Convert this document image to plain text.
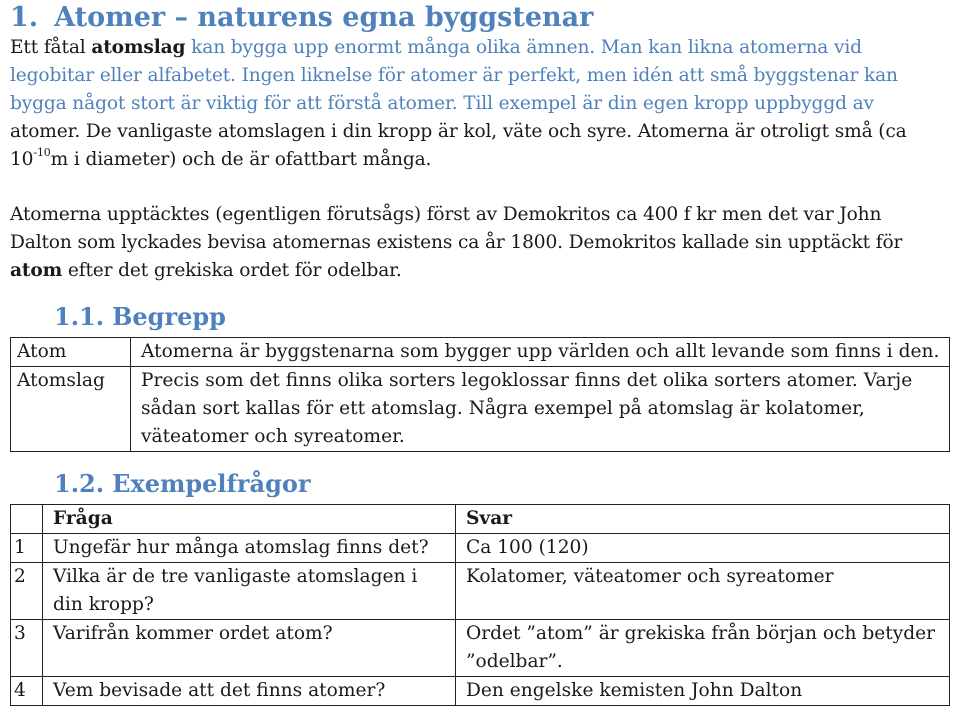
1. Atomer – naturens egna byggstenar
Ett fåtal atomslag kan bygga upp enormt många olika ämnen. Man kan likna atomerna vid
legobitar eller alfabetet. Ingen liknelse för atomer är perfekt, men idén att små byggstenar kan
bygga något stort är viktig för att förstå atomer. Till exempel är din egen kropp uppbyggd av
atomer. De vanligaste atomslagen i din kropp är kol, väte och syre. Atomerna är otroligt små (ca
$10^{-10}m$ i diameter) och de är ofattbart många.
Atomerna upptäcktes (egentligen förutsågs) först av Demokritos ca 400 f kr men det var John
Dalton som lyckades bevisa atomernas existens ca år 1800. Demokritos kallade sin upptäckt för
atom efter det grekiska ordet för odelbar.
1.1. Begrepp
Atom	Atomerna är byggstenarna som bygger upp världen och allt levande som finns i den.

Atomslag	Precis som det finns olika sorters legoklossar finns det olika sorters atomer. Varje
sådan sort kallas för ett atomslag. Några exempel på atomslag är kolatomer,
väteatomer och syreatomer.
1.2. Exempelfrågor
	Fråga	Svar
1	Ungefär hur många atomslag finns det?	Ca 100 (120)

2	Vilka är de tre vanligaste atomslagen i
din kropp?	Kolatomer, väteatomer och syreatomer

3	Varifrån kommer ordet atom?	Ordet ”atom” är grekiska från början och betyder
”odelbar”.

4	Vem bevisade att det finns atomer?	Den engelske kemisten John Dalton
